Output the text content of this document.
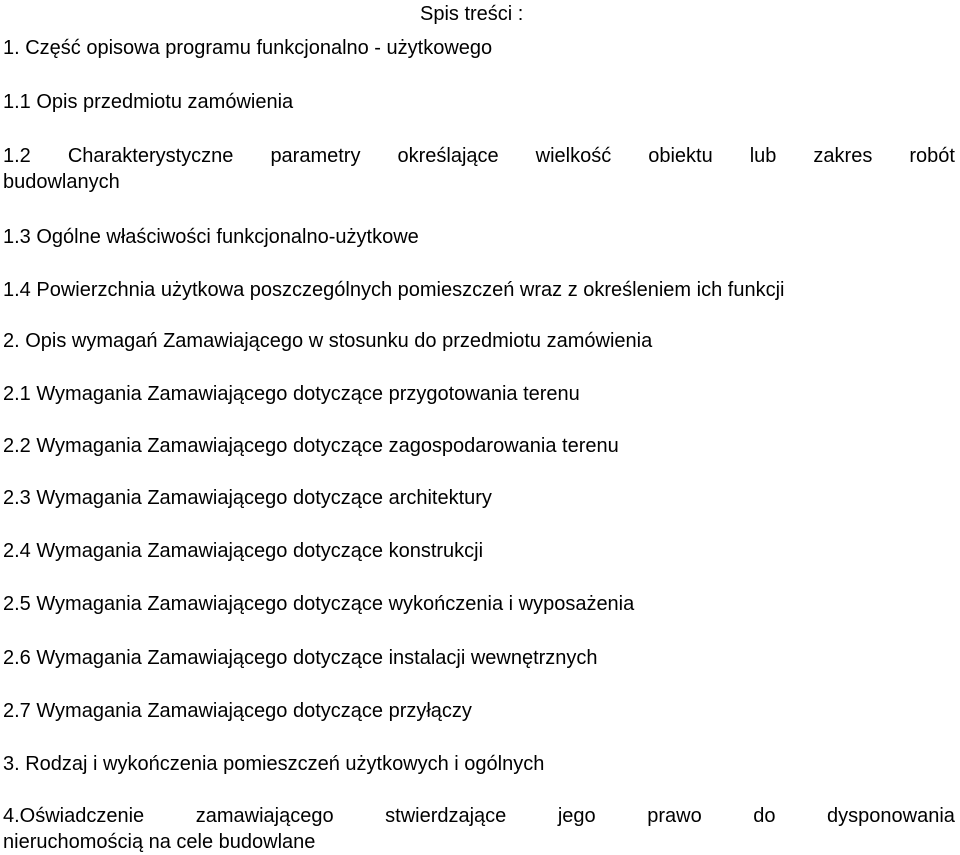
Spis treści :
1. Część opisowa programu funkcjonalno - użytkowego
1.1 Opis przedmiotu zamówienia
1.2 Charakterystyczne parametry określające wielkość obiektu lub zakres robót
budowlanych
1.3 Ogólne właściwości funkcjonalno-użytkowe
1.4 Powierzchnia użytkowa poszczególnych pomieszczeń wraz z określeniem ich funkcji
2. Opis wymagań Zamawiającego w stosunku do przedmiotu zamówienia
2.1 Wymagania Zamawiającego dotyczące przygotowania terenu
2.2 Wymagania Zamawiającego dotyczące zagospodarowania terenu
2.3 Wymagania Zamawiającego dotyczące architektury
2.4 Wymagania Zamawiającego dotyczące konstrukcji
2.5 Wymagania Zamawiającego dotyczące wykończenia i wyposażenia
2.6 Wymagania Zamawiającego dotyczące instalacji wewnętrznych
2.7 Wymagania Zamawiającego dotyczące przyłączy
3. Rodzaj i wykończenia pomieszczeń użytkowych i ogólnych
4.Oświadczenie	zamawiającego	stwierdzające	jego	prawo	do	dysponowania
nieruchomością na cele budowlane
